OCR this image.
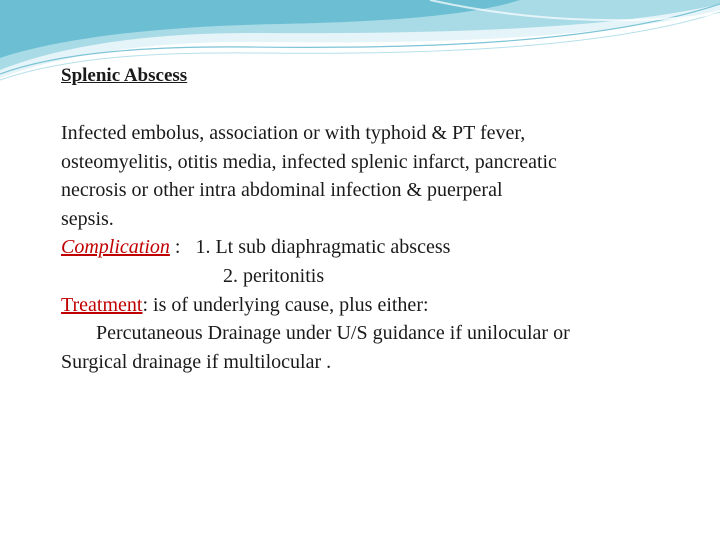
Splenic Abscess
Infected embolus, association or with typhoid & PT fever,
osteomyelitis, otitis media, infected splenic infarct, pancreatic
necrosis or other intra abdominal infection & puerperal
sepsis.
Complication :   1. Lt sub diaphragmatic abscess
2. peritonitis
Treatment: is of underlying cause, plus either:
Percutaneous Drainage under U/S guidance if unilocular or
Surgical drainage if multilocular .
